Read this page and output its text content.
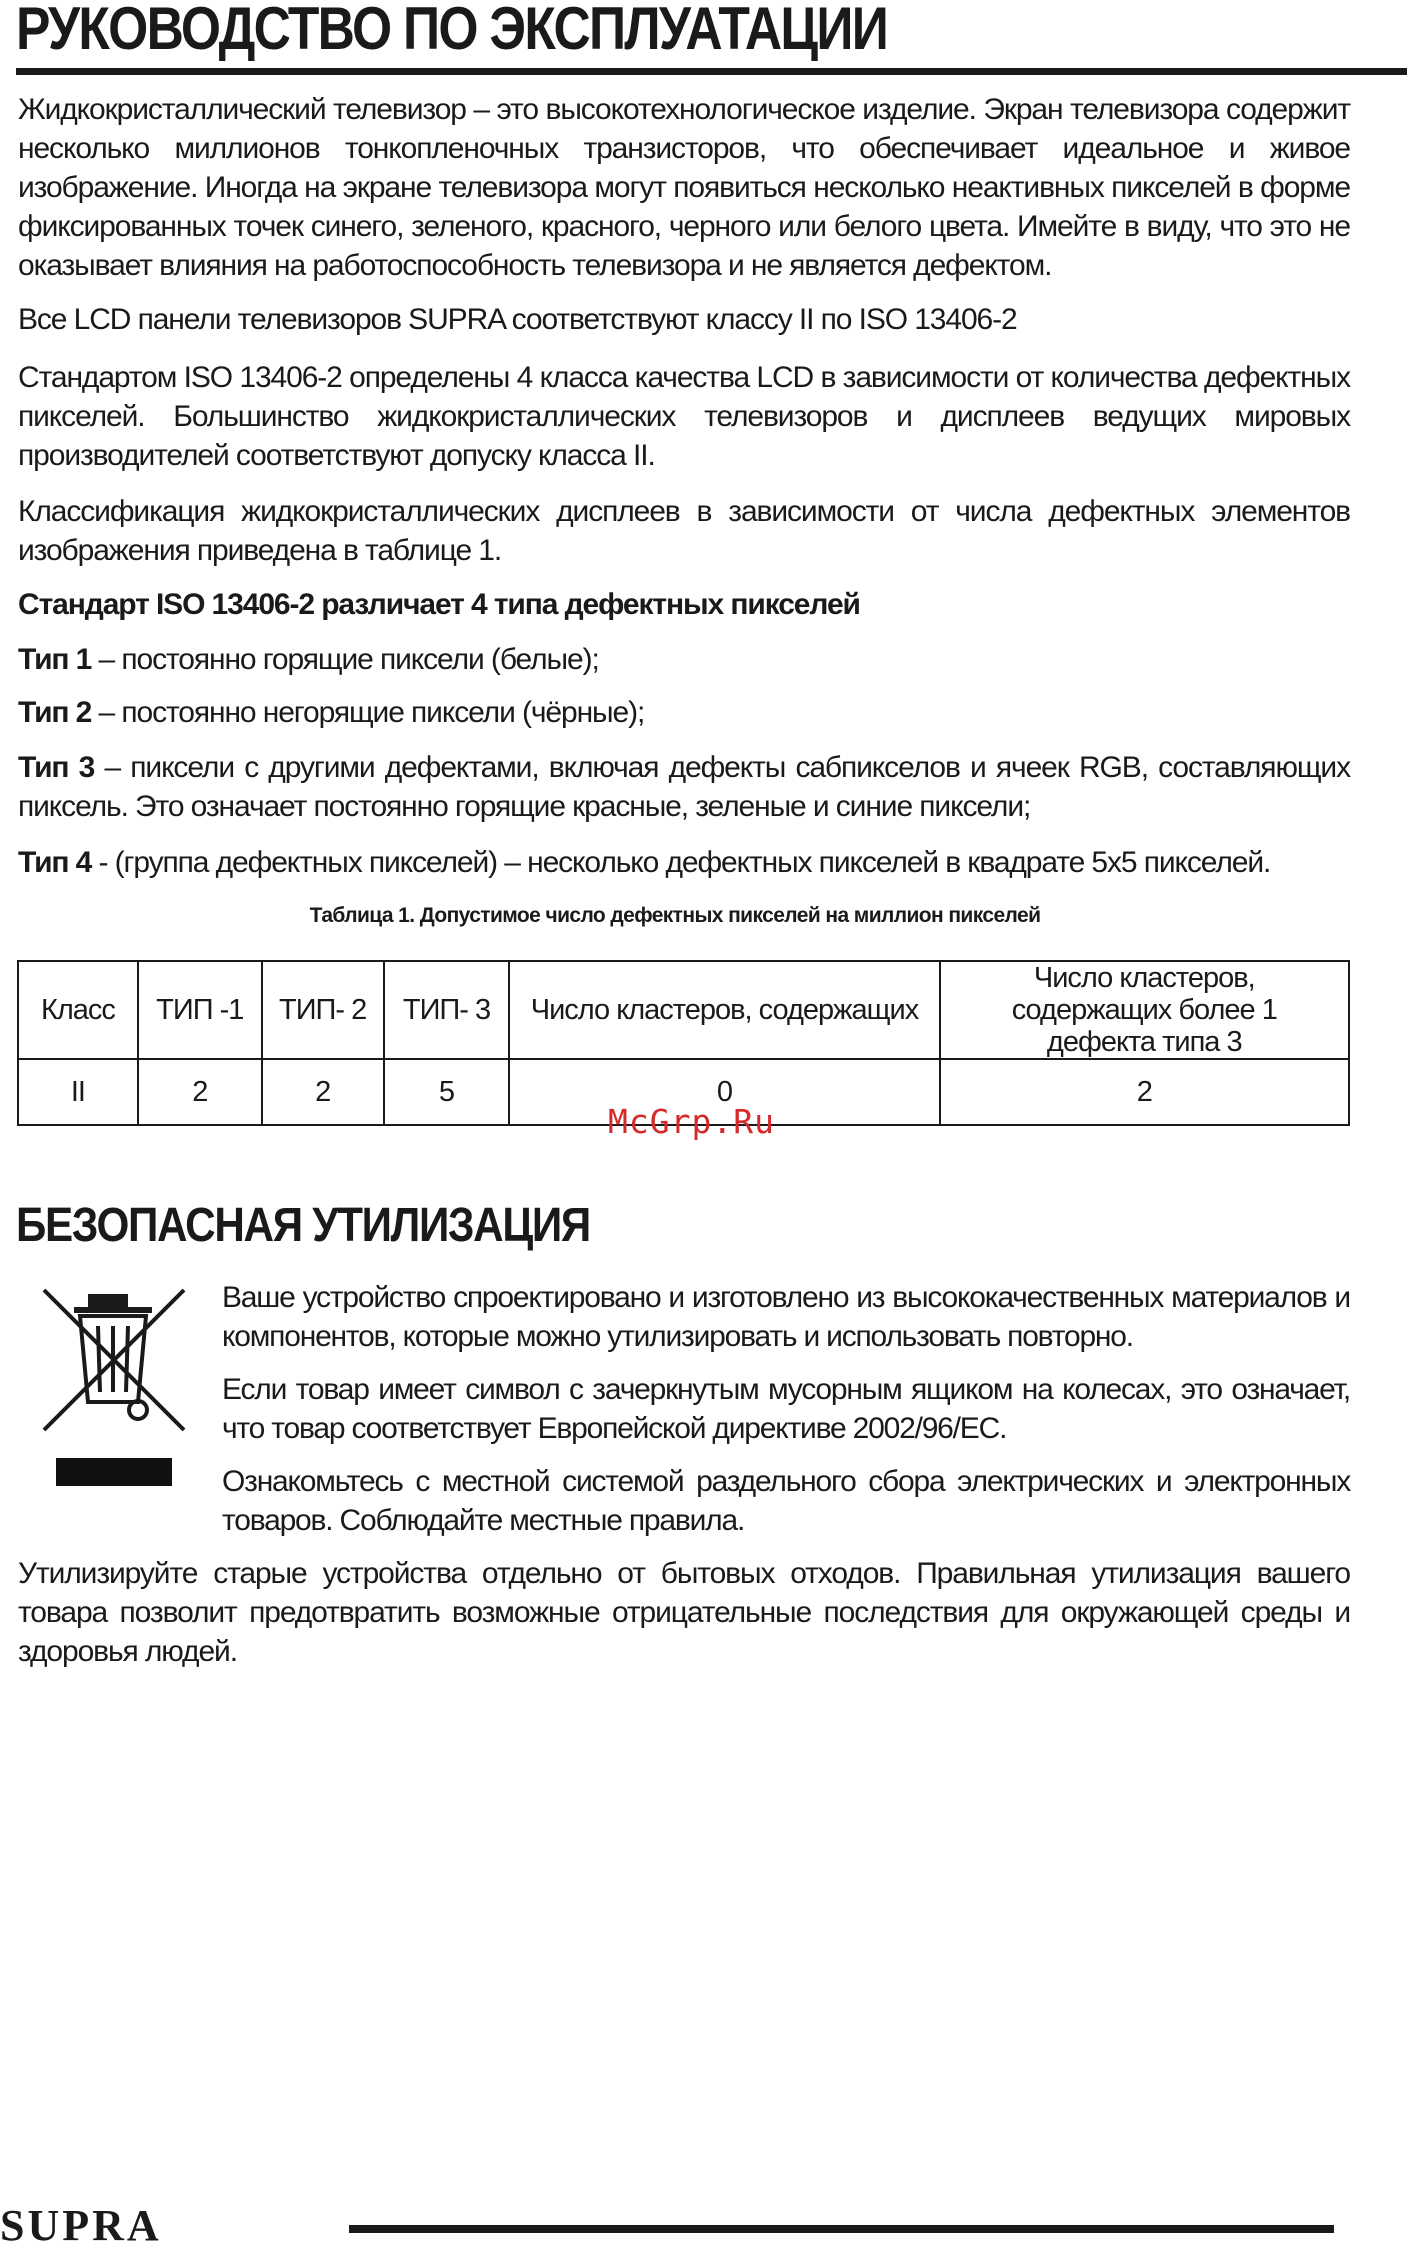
РУКОВОДСТВО ПО ЭКСПЛУАТАЦИИ

Жидкокристаллический телевизор – это высокотехнологическое изделие. Экран телевизора содержит несколько миллионов тонкопленочных транзисторов, что обеспечивает идеальное и живое изображение. Иногда на экране телевизора могут появиться несколько неактивных пикселей в форме фиксированных точек синего, зеленого, красного, черного или белого цвета. Имейте в виду, что это не оказывает влияния на работоспособность телевизора и не является дефектом.

Все LCD панели телевизоров SUPRA соответствуют классу II по ISO 13406-2

Стандартом ISO 13406-2 определены 4 класса качества LCD в зависимости от количества дефектных пикселей. Большинство жидкокристаллических телевизоров и дисплеев ведущих мировых производителей соответствуют допуску класса II.

Классификация жидкокристаллических дисплеев в зависимости от числа дефектных элементов изображения приведена в таблице 1.

Стандарт ISO 13406-2 различает 4 типа дефектных пикселей

Тип 1 – постоянно горящие пиксели (белые);

Тип 2 – постоянно негорящие пиксели (чёрные);

Тип 3 – пиксели с другими дефектами, включая дефекты сабпикселов и ячеек RGB, составляющих пиксель. Это означает постоянно горящие красные, зеленые и синие пиксели;

Тип 4 - (группа дефектных пикселей) – несколько дефектных пикселей в квадрате 5x5 пикселей.

Таблица 1. Допустимое число дефектных пикселей на миллион пикселей
Класс	ТИП -1	ТИП- 2	ТИП- 3	Число кластеров, содержащих	Число кластеров, содержащих более 1 дефекта типа 3
II	2	2	5	0	2
McGrp.Ru
БЕЗОПАСНАЯ УТИЛИЗАЦИЯ

Ваше устройство спроектировано и изготовлено из высококачественных материалов и компонентов, которые можно утилизировать и использовать повторно.

Если товар имеет символ с зачеркнутым мусорным ящиком на колесах, это означает, что товар соответствует Европейской директиве 2002/96/EC.

Ознакомьтесь с местной системой раздельного сбора электрических и электронных товаров. Соблюдайте местные правила.

Утилизируйте старые устройства отдельно от бытовых отходов. Правильная утилизация вашего товара позволит предотвратить возможные отрицательные последствия для окружающей среды и здоровья людей.

SUPRA
